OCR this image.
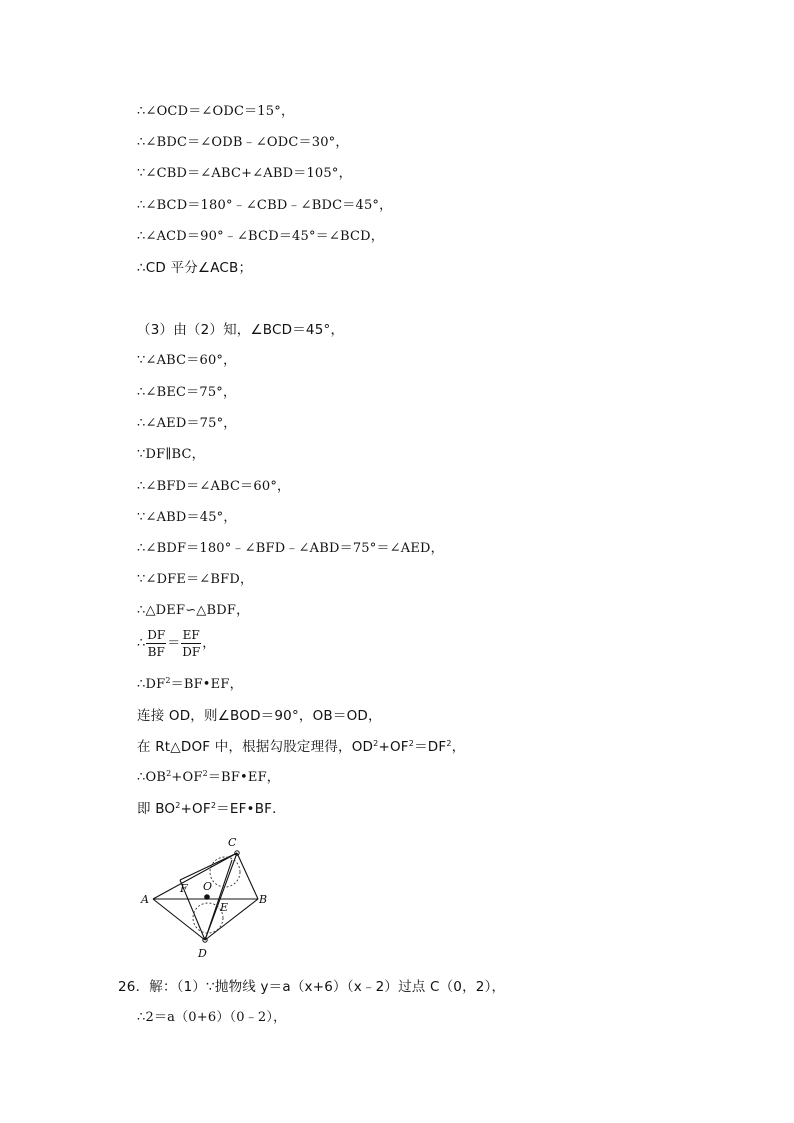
∴∠OCD＝∠ODC＝15°，
∴∠BDC＝∠ODB﹣∠ODC＝30°，
∵∠CBD＝∠ABC+∠ABD＝105°，
∴∠BCD＝180°﹣∠CBD﹣∠BDC＝45°，
∴∠ACD＝90°﹣∠BCD＝45°＝∠BCD，
∴CD 平分∠ACB；
（3）由（2）知，∠BCD＝45°，
∵∠ABC＝60°，
∴∠BEC＝75°，
∴∠AED＝75°，
∵DF∥BC，
∴∠BFD＝∠ABC＝60°，
∵∠ABD＝45°，
∴∠BDF＝180°﹣∠BFD﹣∠ABD＝75°＝∠AED，
∵∠DFE＝∠BFD，
∴△DEF∽△BDF，
∴ $\frac{DF}{BF} = \frac{EF}{DF}$ ，
$\therefore DF^2=BF•EF$，
连接 OD，则∠BOD＝90°，OB＝OD，
在 Rt△DOF 中，根据勾股定理得，$OD^2+OF^2=DF^2$，
$\therefore OB^2+OF^2=BF•EF$，
即 $BO^2+OF^2=EF•BF$．
C
A	B
D
F O
E
26．解：（1）∵抛物线 y＝a（x+6）（x﹣2）过点 C（0，2），
∴2＝a（0+6）（0﹣2），
